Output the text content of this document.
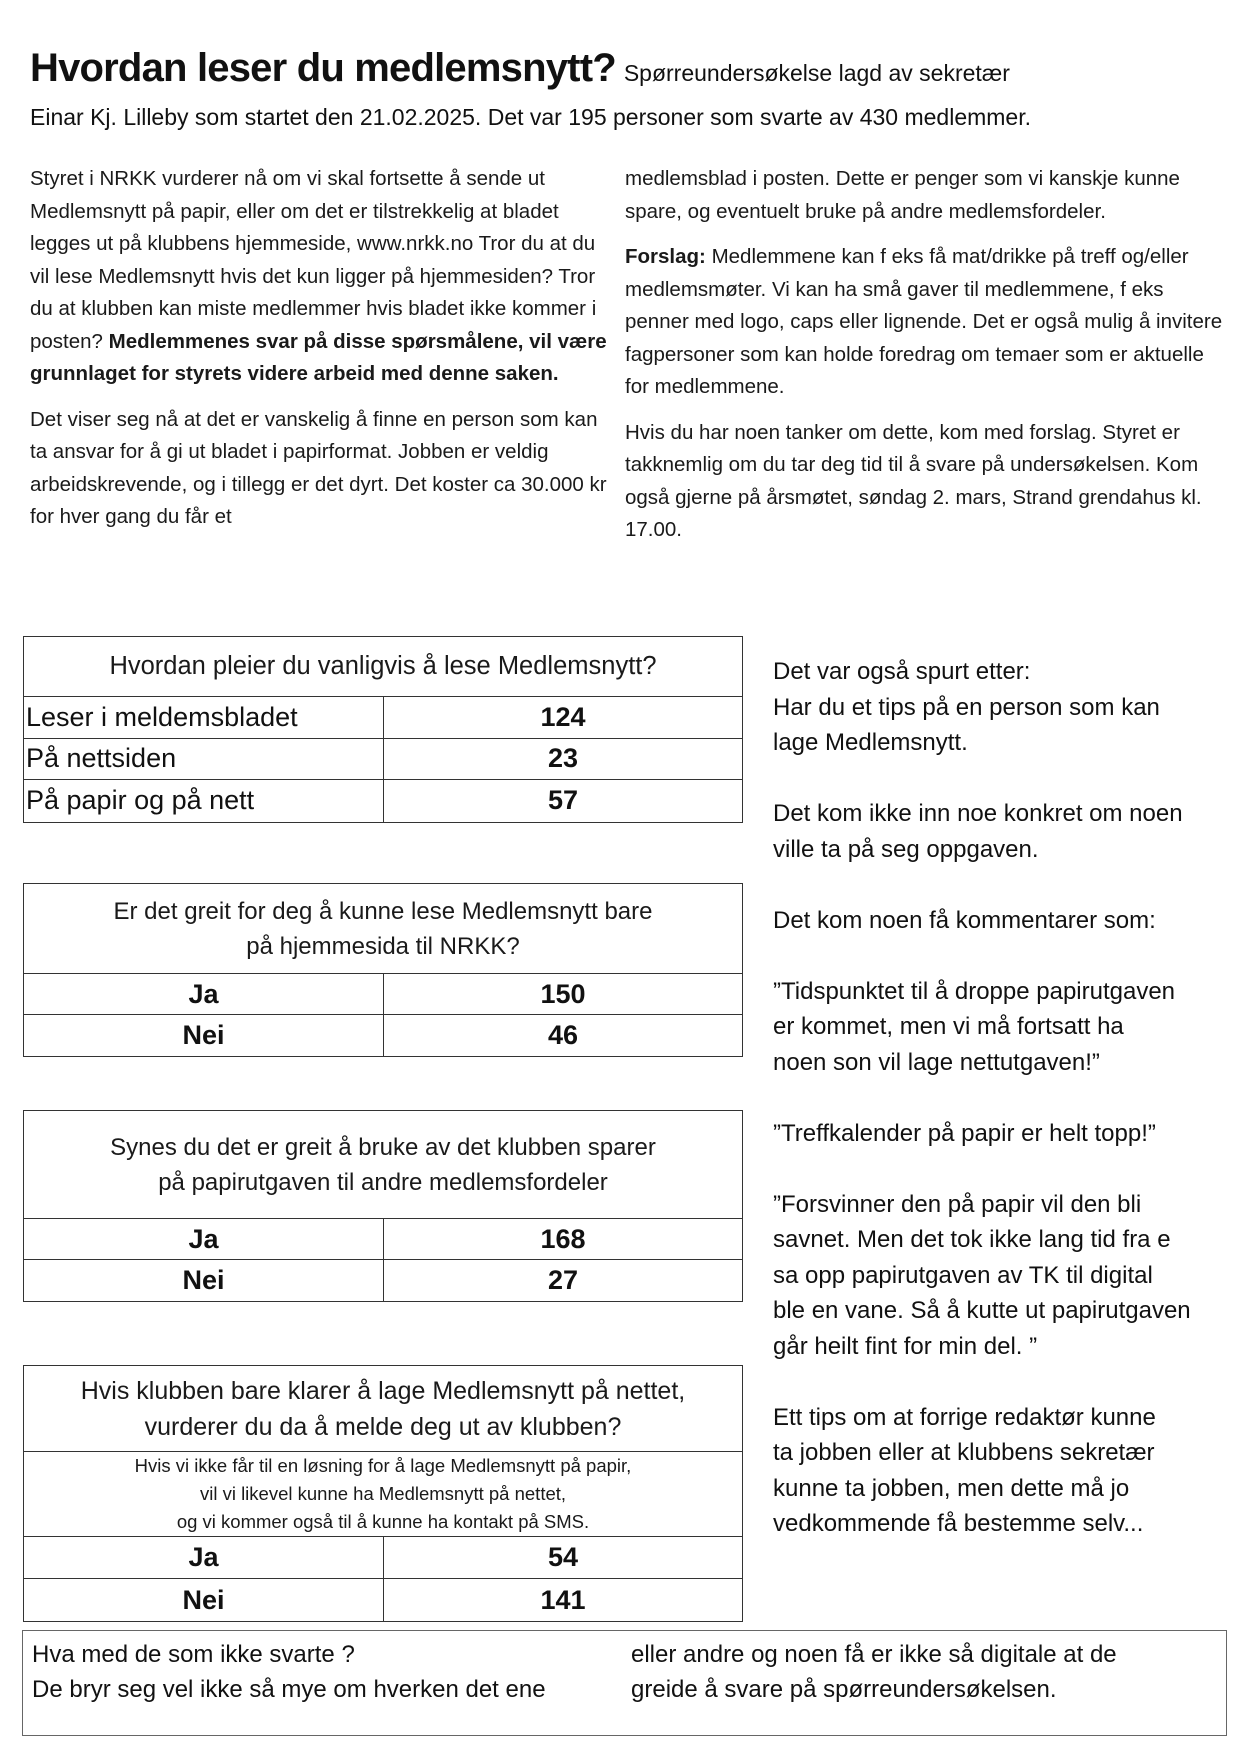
Hvordan leser du medlemsnytt? Spørreundersøkelse lagd av sekretær
Einar Kj. Lilleby som startet den 21.02.2025. Det var 195 personer som svarte av 430 medlemmer.

Styret i NRKK vurderer nå om vi skal fortsette å sende ut Medlemsnytt på papir, eller om det er tilstrekkelig at bladet legges ut på klubbens hjemmeside, www.nrkk.no Tror du at du vil lese Medlemsnytt hvis det kun ligger på hjemmesiden? Tror du at klubben kan miste medlemmer hvis bladet ikke kommer i posten? Medlemmenes svar på disse spørsmålene, vil være grunnlaget for styrets videre arbeid med denne saken.

Det viser seg nå at det er vanskelig å finne en person som kan ta ansvar for å gi ut bladet i papirformat. Jobben er veldig arbeidskrevende, og i tillegg er det dyrt. Det koster ca 30.000 kr for hver gang du får et

medlemsblad i posten. Dette er penger som vi kanskje kunne spare, og eventuelt bruke på andre medlemsfordeler.

Forslag: Medlemmene kan f eks få mat/drikke på treff og/eller medlemsmøter. Vi kan ha små gaver til medlemmene, f eks penner med logo, caps eller lignende. Det er også mulig å invitere fagpersoner som kan holde foredrag om temaer som er aktuelle for medlemmene.

Hvis du har noen tanker om dette, kom med forslag. Styret er takknemlig om du tar deg tid til å svare på undersøkelsen. Kom også gjerne på årsmøtet, søndag 2. mars, Strand grendahus kl. 17.00.

Hvordan pleier du vanligvis å lese Medlemsnytt?
Leser i meldemsbladet	124
På nettsiden	23
På papir og på nett	57
Er det greit for deg å kunne lese Medlemsnytt bare
på hjemmesida til NRKK?
Ja	150
Nei	46
Synes du det er greit å bruke av det klubben sparer
på papirutgaven til andre medlemsfordeler
Ja	168
Nei	27
Hvis klubben bare klarer å lage Medlemsnytt på nettet,
vurderer du da å melde deg ut av klubben?
Hvis vi ikke får til en løsning for å lage Medlemsnytt på papir,
vil vi likevel kunne ha Medlemsnytt på nettet,
og vi kommer også til å kunne ha kontakt på SMS.
Ja	54
Nei	141

Det var også spurt etter:

Har du et tips på en person som kan

lage Medlemsnytt.

Det kom ikke inn noe konkret om noen

ville ta på seg oppgaven.

Det kom noen få kommentarer som:

”Tidspunktet til å droppe papirutgaven

er kommet, men vi må fortsatt ha

noen son vil lage nettutgaven!”

”Treffkalender på papir er helt topp!”

”Forsvinner den på papir vil den bli

savnet. Men det tok ikke lang tid fra e

sa opp papirutgaven av TK til digital

ble en vane. Så å kutte ut papirutgaven

går heilt fint for min del. ”

Ett tips om at forrige redaktør kunne

ta jobben eller at klubbens sekretær

kunne ta jobben, men dette må jo

vedkommende få bestemme selv...

Hva med de som ikke svarte ?

De bryr seg vel ikke så mye om hverken det ene

eller andre og noen få er ikke så digitale at de

greide å svare på spørreundersøkelsen.
